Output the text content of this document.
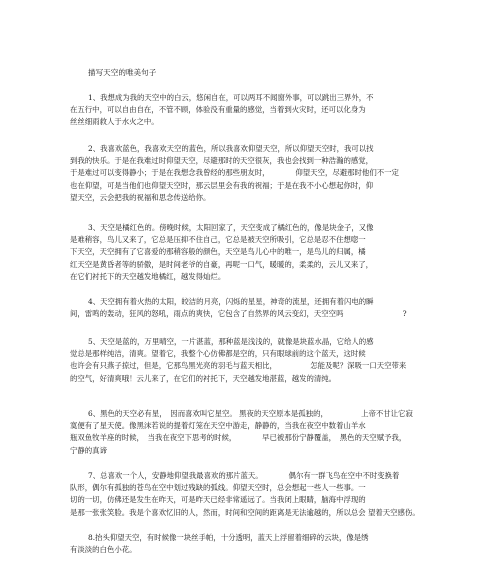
描写天空的唯美句子
1、我想成为我的天空中的白云，悠闲自在，可以两耳不闻窗外事，可以跳出三界外，不
在五行中，可以自由自在，不管不顾，体验没有重量的感觉，当着到火灾时，还可以化身为
丝丝细雨救人于水火之中。
2、我喜欢蓝色，我喜欢天空的蓝色，所以我喜欢仰望天空，所以仰望天空时，我可以找
到我的快乐。于是在我难过时仰望天空，尽避那时的天空很灰，我也会找到一种浩瀚的感觉，
于是难过可以变得静小；于是在我想念我曾经的那些朋友时，　　　　仰望天空，尽避那时他们不一定
也在仰望，可是当他们也仰望天空时，那云层里会有我的祝福；于是在我不小心想起你时，仰
望天空，云会把我的祝福和思念传送给你。
3、天空是橘红色的。傍晚时候，太阳回家了，天空变成了橘红色的，像是块金子，又像
是难稍容，鸟儿又来了，它总是压抑不住自己，它总是被天空所吸引，它总是忍不住想唿一
下天空，天空拥有了它喜爱的那稍容般的颜色，天空是鸟儿心中的唯一，是鸟儿的归属，橘
红天空是黄昏者等的骄傲，是时间老爷的自豪，再呢一口气，暖暖的，柔柔的，云儿又来了，
在它们衬托下的天空越发地橘红，越发得灿烂。
4、天空拥有着火热的太阳，皎洁的月亮，闪烁的星星，神奇的流星，还拥有着闪电的瞬
间，雷鸣的轰动，狂风的怒吼，雨点的爽快，它包含了自然界的风云变幻，天空空吗　　　　　　　　?
5、天空是蓝的，万里晴空，一片湛蓝，那种蓝是浅浅的，就像是块蓝水晶，它给人的感
觉总是那样纯洁，清爽。望着它，我整个心仿佛都是空的，只有眼球前的这个蓝天，这时候
也许会有只燕子掠过，但是，它那鸟黑光亮的羽毛与蓝天相比，　　　　　怎能及呢？深吸一口天空带来
的空气，好清爽哦！云儿来了，在它们的衬托下，天空越发地湛蓝，越发的清纯。
6、黑色的天空必有星，　因而喜欢叫它星空。 黑夜的天空原本是孤独的，　　　　　上帝不甘让它寂
寞便有了星天使。像黑沫若说的提着灯笼在天空中游走，静静的，当我在夜空中数着山羊水
瓶双鱼牧羊座的时候，　当我在夜空下思考的时候，　　　　早已被那份宁静覆盖，　黑色的天空赋予我，
宁静的真谛
7、总喜欢一个人，安静地仰望我最喜欢的那片蓝天。　　　　偶尔有一群飞鸟在空中不时变换着
队形，偶尔有孤独的苍鸟在空中划过残缺的弧线。仰望天空时，总会想起一些人一些事。一
切的一切，仿佛还是发生在昨天，可是昨天已经非常遥远了。当我闭上眼睛，脑海中浮现的
是那一张张笑脸。我是个喜欢忆旧的人，然而，时间和空间的距离是无法逾越的，所以总会 望着天空感伤。
8.抬头仰望天空，有时候像一块丝手帕，十分透明，蓝天上浮留着细碎的云块，像是绣
有淡淡的白色小花。
